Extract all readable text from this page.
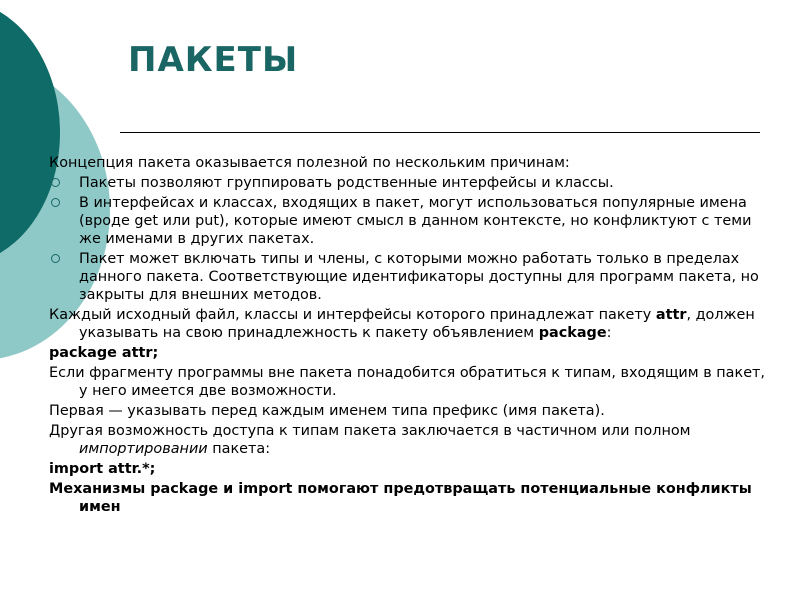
ПАКЕТЫ
Концепция пакета оказывается полезной по нескольким причинам:
Пакеты позволяют группировать родственные интерфейсы и классы.
В интерфейсах и классах, входящих в пакет, могут использоваться популярные имена (вроде get или put), которые имеют смысл в данном контексте, но конфликтуют с теми же именами в других пакетах.
Пакет может включать типы и члены, с которыми можно работать только в пределах данного пакета. Соответствующие идентификаторы доступны для программ пакета, но закрыты для внешних методов.
Каждый исходный файл, классы и интерфейсы которого принадлежат пакету attr, должен указывать на свою принадлежность к пакету объявлением package:
package attr;
Если фрагменту программы вне пакета понадобится обратиться к типам, входящим в пакет, у него имеется две возможности.
Первая — указывать перед каждым именем типа префикс (имя пакета).
Другая возможность доступа к типам пакета заключается в частичном или полном импортировании пакета:
import attr.*;
Механизмы package и import помогают предотвращать потенциальные конфликты имен
